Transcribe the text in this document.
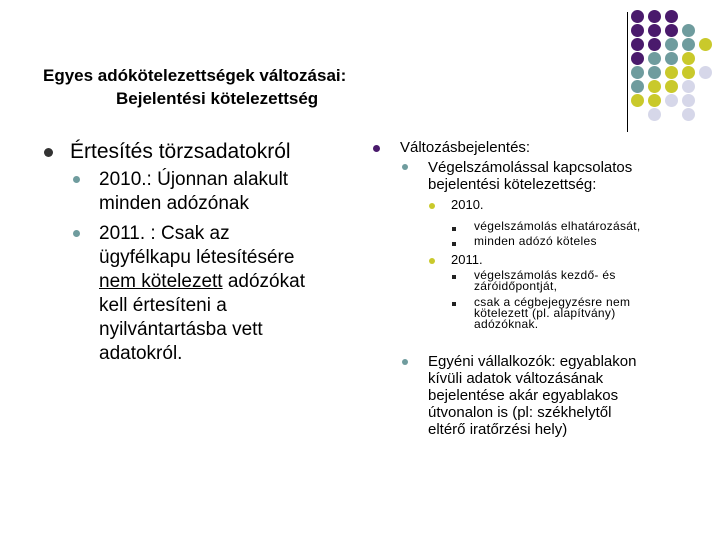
Egyes adókötelezettségek változásai:
Bejelentési kötelezettség
Értesítés törzsadatokról
2010.: Újonnan alakult
minden adózónak
2011. : Csak az
ügyfélkapu létesítésére
nem kötelezett adózókat
kell értesíteni a
nyilvántartásba vett
adatokról.
Változásbejelentés:
Végelszámolással kapcsolatos
bejelentési kötelezettség:
2010.
végelszámolás elhatározását,
minden adózó köteles
2011.
végelszámolás kezdő- és
záróidőpontját,
csak a cégbejegyzésre nem
kötelezett (pl. alapítvány)
adózóknak.
Egyéni vállalkozók: egyablakon
kívüli adatok változásának
bejelentése akár egyablakos
útvonalon is (pl: székhelytől
eltérő iratőrzési hely)
